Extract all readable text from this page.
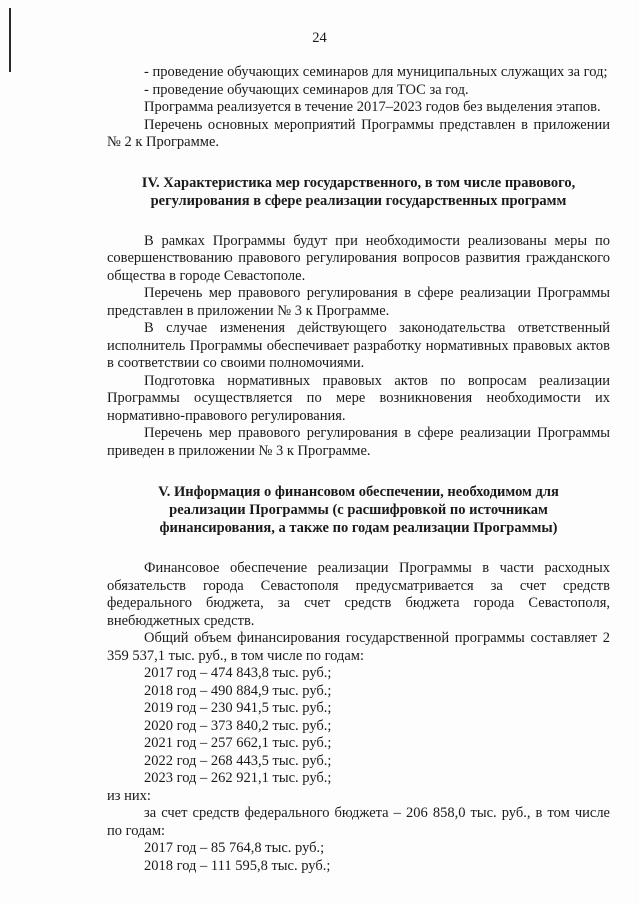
24
- проведение обучающих семинаров для муниципальных служащих за год;
- проведение обучающих семинаров для ТОС за год.
Программа реализуется в течение 2017–2023 годов без выделения этапов.
Перечень основных мероприятий Программы представлен в приложении № 2 к Программе.
IV. Характеристика мер государственного, в том числе правового,
регулирования в сфере реализации государственных программ
В рамках Программы будут при необходимости реализованы меры по совершенствованию правового регулирования вопросов развития гражданского общества в городе Севастополе.
Перечень мер правового регулирования в сфере реализации Программы представлен в приложении № 3 к Программе.
В случае изменения действующего законодательства ответственный исполнитель Программы обеспечивает разработку нормативных правовых актов в соответствии со своими полномочиями.
Подготовка нормативных правовых актов по вопросам реализации Программы осуществляется по мере возникновения необходимости их нормативно-правового регулирования.
Перечень мер правового регулирования в сфере реализации Программы приведен в приложении № 3 к Программе.
V. Информация о финансовом обеспечении, необходимом для
реализации Программы (с расшифровкой по источникам
финансирования, а также по годам реализации Программы)
Финансовое обеспечение реализации Программы в части расходных обязательств города Севастополя предусматривается за счет средств федерального бюджета, за счет средств бюджета города Севастополя, внебюджетных средств.
Общий объем финансирования государственной программы составляет 2 359 537,1 тыс. руб., в том числе по годам:
2017 год – 474 843,8 тыс. руб.;
2018 год – 490 884,9 тыс. руб.;
2019 год – 230 941,5 тыс. руб.;
2020 год – 373 840,2 тыс. руб.;
2021 год – 257 662,1 тыс. руб.;
2022 год – 268 443,5 тыс. руб.;
2023 год – 262 921,1 тыс. руб.;
из них:
за счет средств федерального бюджета – 206 858,0 тыс. руб., в том числе по годам:
2017 год – 85 764,8 тыс. руб.;
2018 год – 111 595,8 тыс. руб.;
